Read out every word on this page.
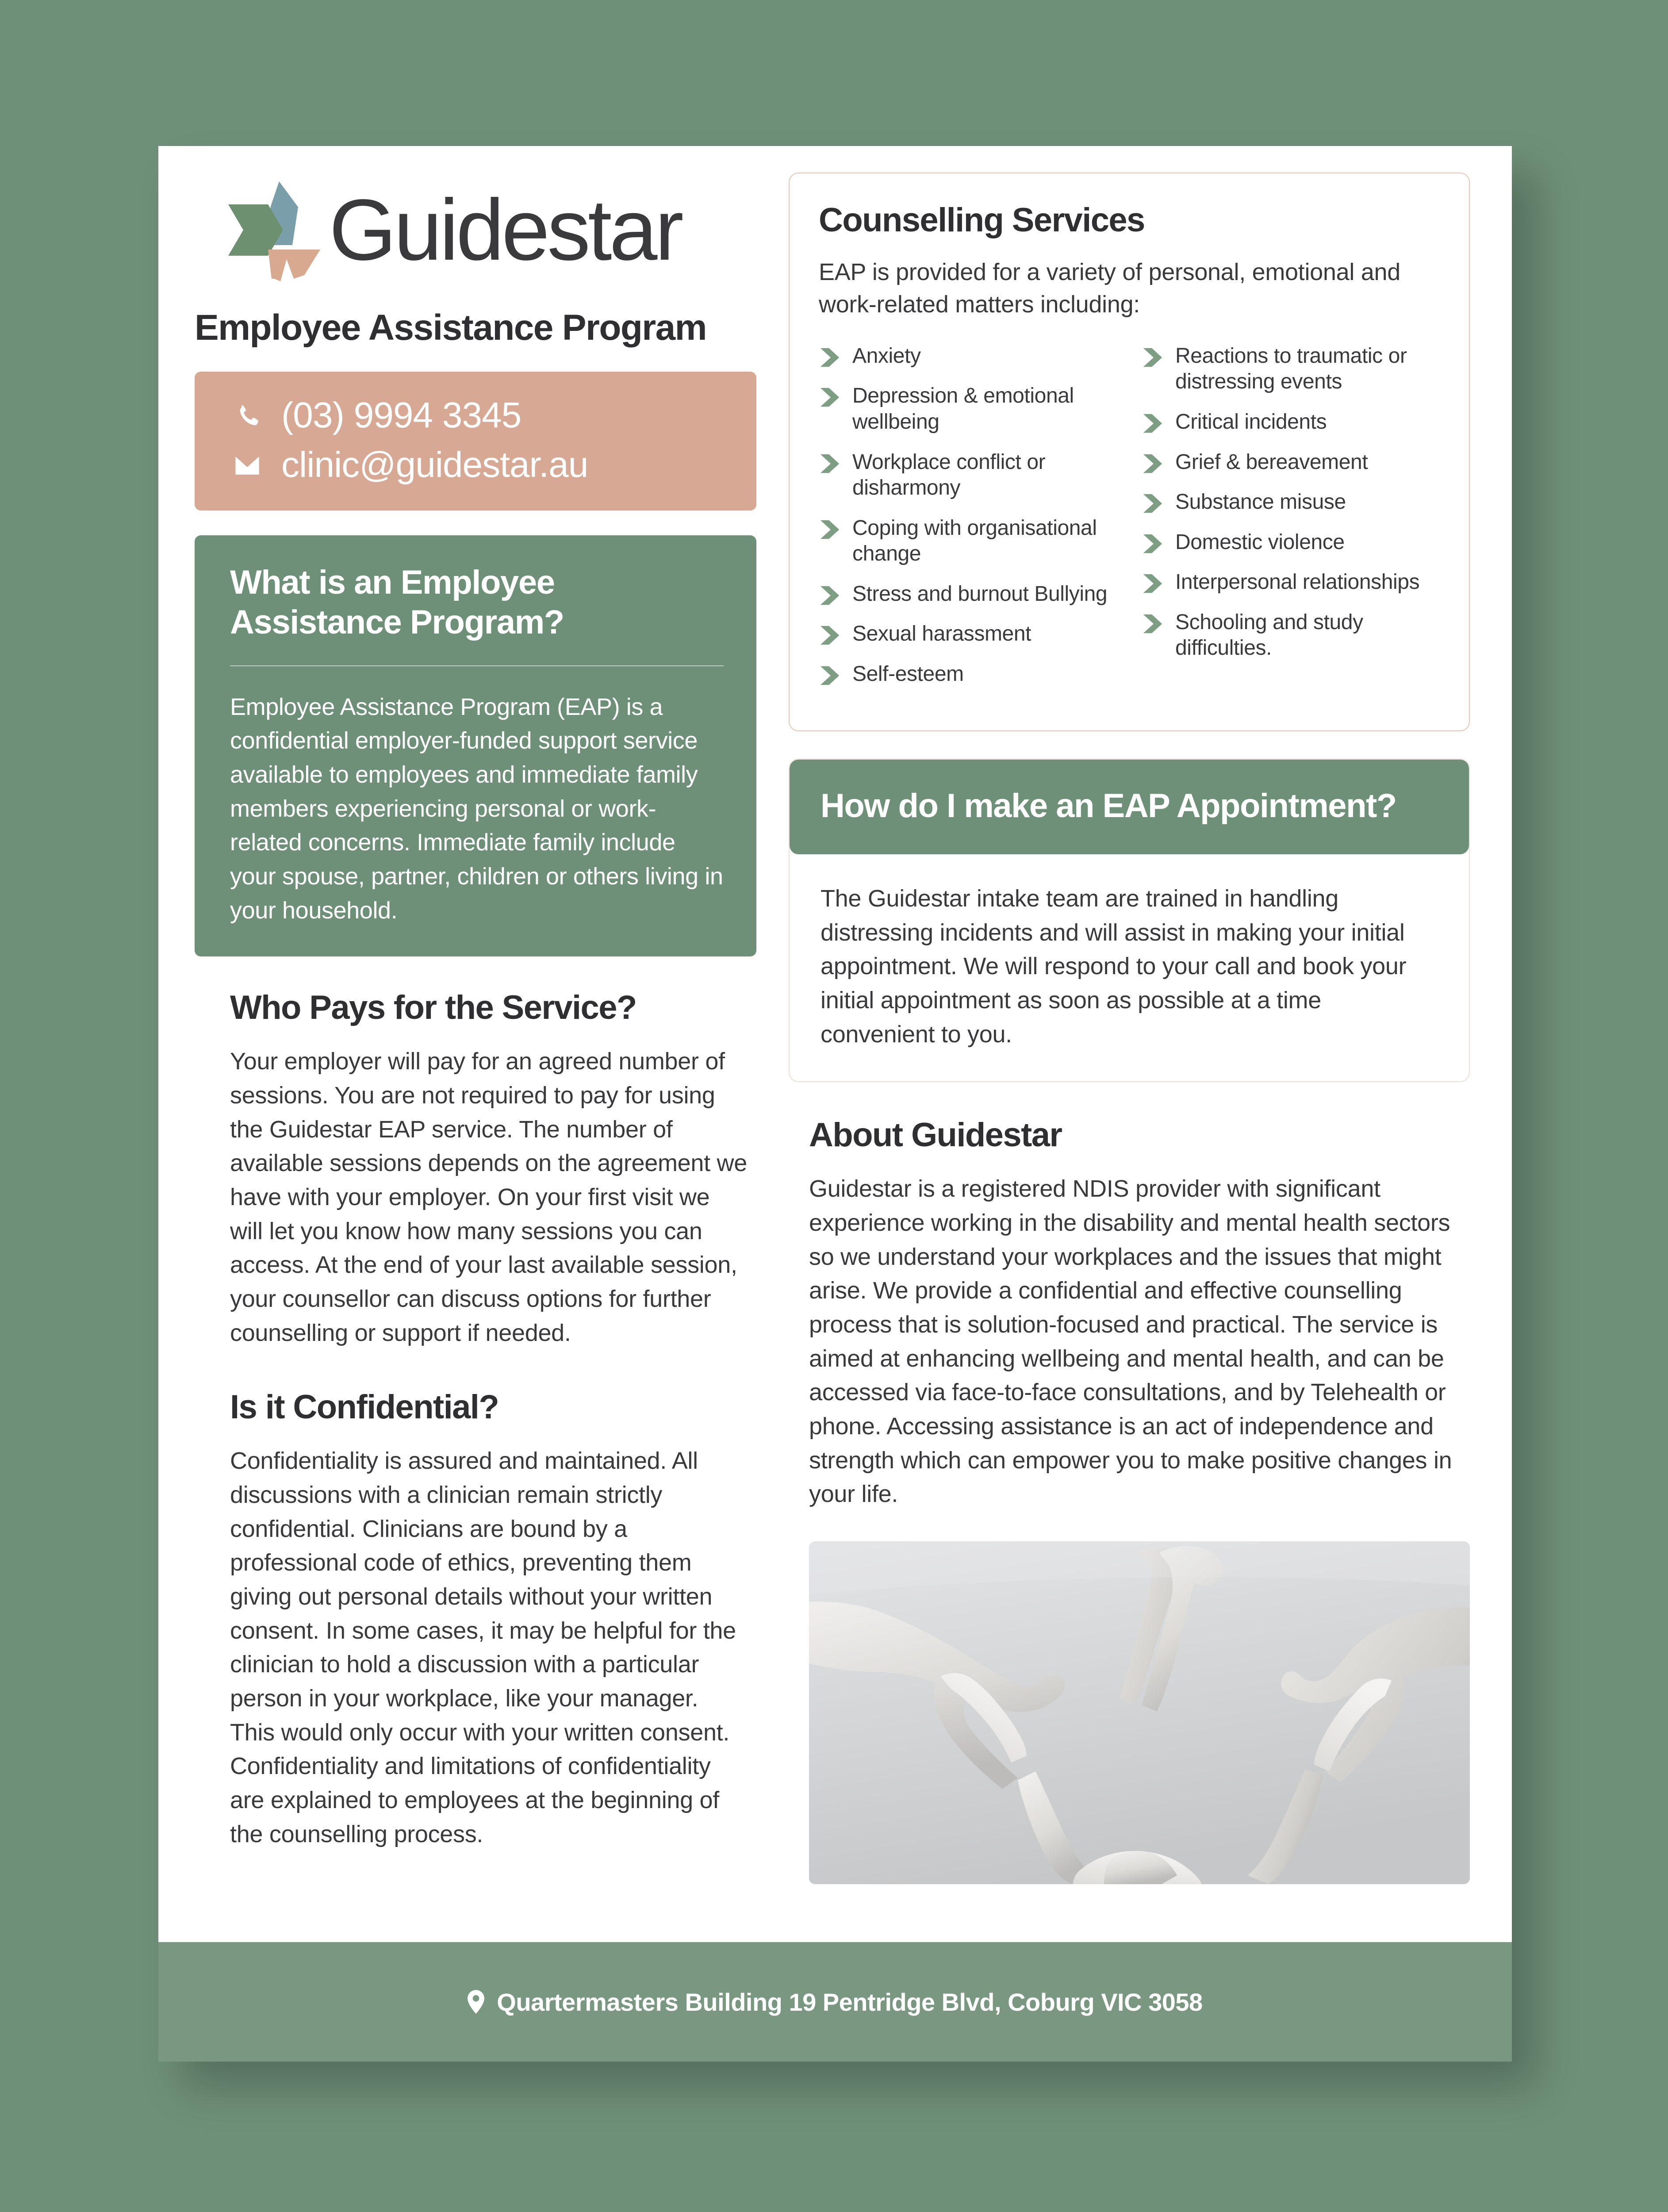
Guidestar
Employee Assistance Program
(03) 9994 3345
clinic@guidestar.au
What is an Employee Assistance Program?

Employee Assistance Program (EAP) is a confidential employer-funded support service available to employees and immediate family members experiencing personal or work-related concerns. Immediate family include your spouse, partner, children or others living in your household.

Who Pays for the Service?

Your employer will pay for an agreed number of sessions. You are not required to pay for using the Guidestar EAP service. The number of available sessions depends on the agreement we have with your employer. On your first visit we will let you know how many sessions you can access. At the end of your last available session, your counsellor can discuss options for further counselling or support if needed.

Is it Confidential?

Confidentiality is assured and maintained. All discussions with a clinician remain strictly confidential. Clinicians are bound by a professional code of ethics, preventing them giving out personal details without your written consent. In some cases, it may be helpful for the clinician to hold a discussion with a particular person in your workplace, like your manager. This would only occur with your written consent. Confidentiality and limitations of confidentiality are explained to employees at the beginning of the counselling process.

Counselling Services
EAP is provided for a variety of personal, emotional and work-related matters including:
Anxiety
Depression & emotional wellbeing
Workplace conflict or disharmony
Coping with organisational change
Stress and burnout Bullying
Sexual harassment
Self-esteem
Reactions to traumatic or distressing events
Critical incidents
Grief & bereavement
Substance misuse
Domestic violence
Interpersonal relationships
Schooling and study difficulties.
How do I make an EAP Appointment?

The Guidestar intake team are trained in handling distressing incidents and will assist in making your initial appointment. We will respond to your call and book your initial appointment as soon as possible at a time convenient to you.

About Guidestar

Guidestar is a registered NDIS provider with significant experience working in the disability and mental health sectors so we understand your workplaces and the issues that might arise. We provide a confidential and effective counselling process that is solution-focused and practical. The service is aimed at enhancing wellbeing and mental health, and can be accessed via face-to-face consultations, and by Telehealth or phone. Accessing assistance is an act of independence and strength which can empower you to make positive changes in your life.

Quartermasters Building 19 Pentridge Blvd, Coburg VIC 3058
